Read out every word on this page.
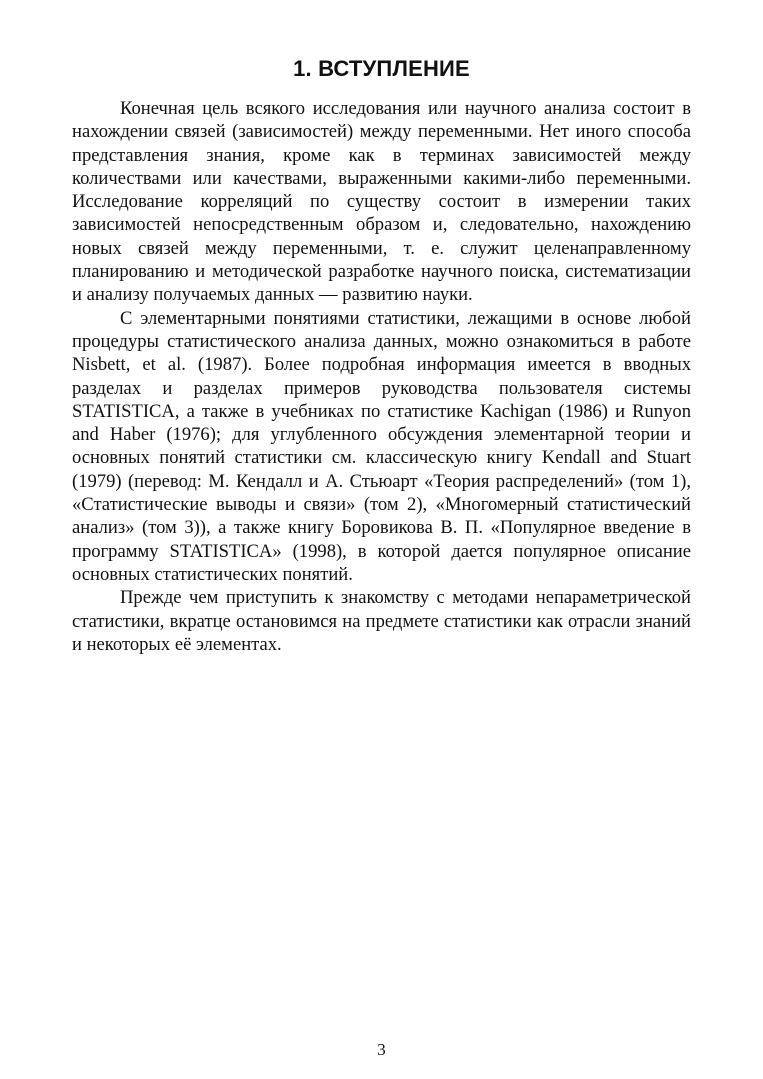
1. ВСТУПЛЕНИЕ

Конечная цель всякого исследования или научного анализа состоит в нахождении связей (зависимостей) между переменными. Нет иного способа представления знания, кроме как в терминах зависимостей между количествами или качествами, выраженными какими-либо переменными. Исследование корреляций по существу состоит в измерении таких зависимостей непосредственным образом и, следовательно, нахождению новых связей между переменными, т. е. служит целенаправленному планированию и методической разработке научного поиска, систематизации и анализу получаемых данных — развитию науки.

С элементарными понятиями статистики, лежащими в основе любой процедуры статистического анализа данных, можно ознакомиться в работе Nisbett, et al. (1987). Более подробная информация имеется в вводных разделах и разделах примеров руководства пользователя системы STATISTICA, а также в учебниках по статистике Kachigan (1986) и Runyon and Haber (1976); для углубленного обсуждения элементарной теории и основных понятий статистики см. классическую книгу Kendall and Stuart (1979) (перевод: М. Кендалл и А. Стьюарт «Теория распределений» (том 1), «Статистические выводы и связи» (том 2), «Многомерный статистический анализ» (том 3)), а также книгу Боровикова В. П. «Популярное введение в программу STATISTICA» (1998), в которой дается популярное описание основных статистических понятий.

Прежде чем приступить к знакомству с методами непараметрической статистики, вкратце остановимся на предмете статистики как отрасли знаний и некоторых её элементах.

3
